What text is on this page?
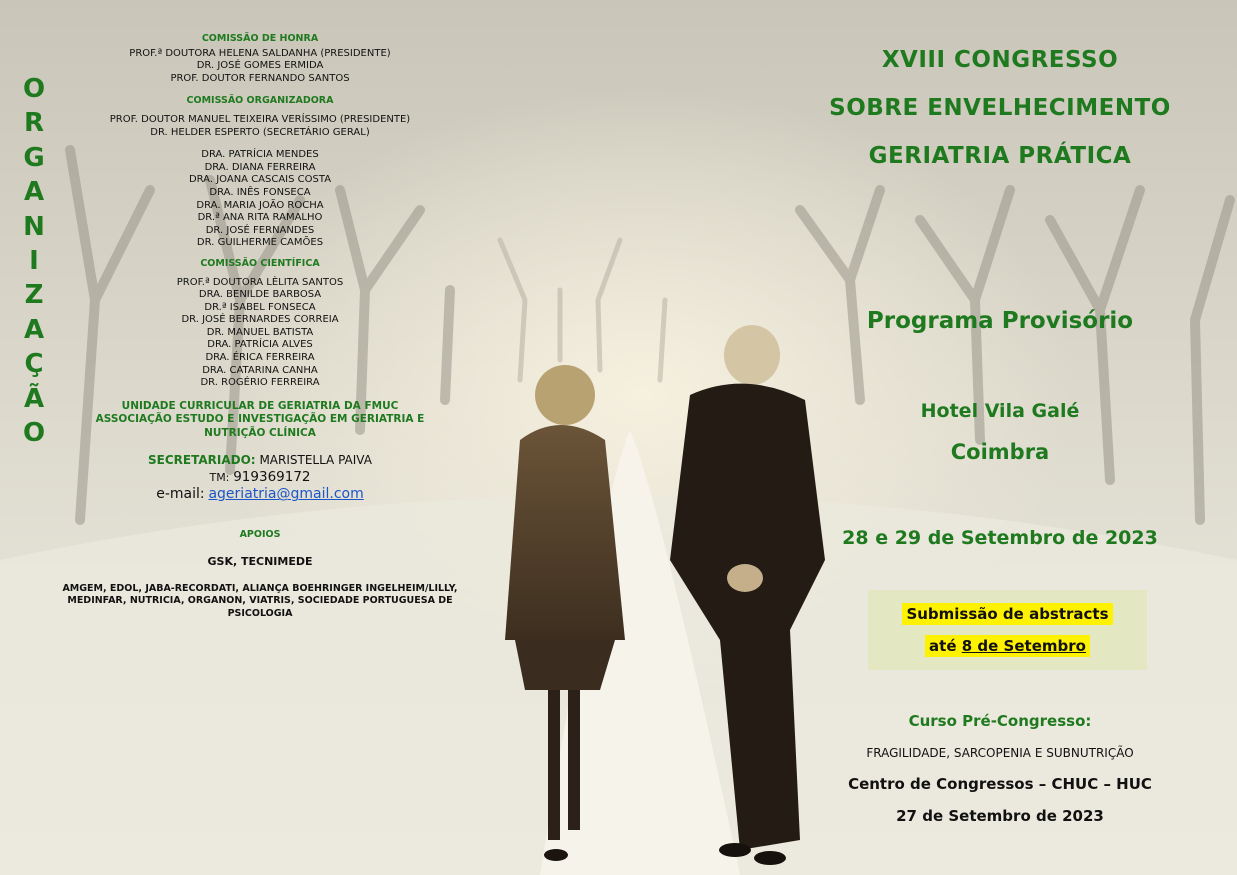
O
R
G
A
N
I
Z
A
Ç
Ã
O
COMISSÃO DE HONRA
PROF.ª DOUTORA HELENA SALDANHA (PRESIDENTE)
DR. JOSÉ GOMES ERMIDA
PROF. DOUTOR FERNANDO SANTOS
COMISSÃO ORGANIZADORA
PROF. DOUTOR MANUEL TEIXEIRA VERÍSSIMO (PRESIDENTE)
DR. HELDER ESPERTO (SECRETÁRIO GERAL)
DRA. PATRÍCIA MENDES
DRA. DIANA FERREIRA
DRA. JOANA CASCAIS COSTA
DRA. INÊS FONSECA
DRA. MARIA JOÃO ROCHA
DR.ª ANA RITA RAMALHO
DR. JOSÉ FERNANDES
DR. GUILHERME CAMÕES
COMISSÃO CIENTÍFICA
PROF.ª DOUTORA LÈLITA SANTOS
DRA. BENILDE BARBOSA
DR.ª ISABEL FONSECA
DR. JOSÉ BERNARDES CORREIA
DR. MANUEL BATISTA
DRA. PATRÍCIA ALVES
DRA. ÉRICA FERREIRA
DRA. CATARINA CANHA
DR. ROGÉRIO FERREIRA
UNIDADE CURRICULAR DE GERIATRIA DA FMUC
ASSOCIAÇÃO ESTUDO E INVESTIGAÇÃO EM GERIATRIA E NUTRIÇÃO CLÍNICA
SECRETARIADO: MARISTELLA PAIVA
TM: 919369172
e-mail: ageriatria@gmail.com
APOIOS
GSK, TECNIMEDE
AMGEM, EDOL, JABA-RECORDATI, ALIANÇA BOEHRINGER INGELHEIM/LILLY, MEDINFAR, NUTRICIA, ORGANON, VIATRIS, SOCIEDADE PORTUGUESA DE PSICOLOGIA
XVIII CONGRESSO
SOBRE ENVELHECIMENTO
GERIATRIA PRÁTICA
Programa Provisório
Hotel Vila Galé
Coimbra
28 e 29 de Setembro de 2023
Curso Pré-Congresso:
FRAGILIDADE, SARCOPENIA E SUBNUTRIÇÃO
Centro de Congressos – CHUC – HUC
27 de Setembro de 2023
Submissão de abstracts
até 8 de Setembro
